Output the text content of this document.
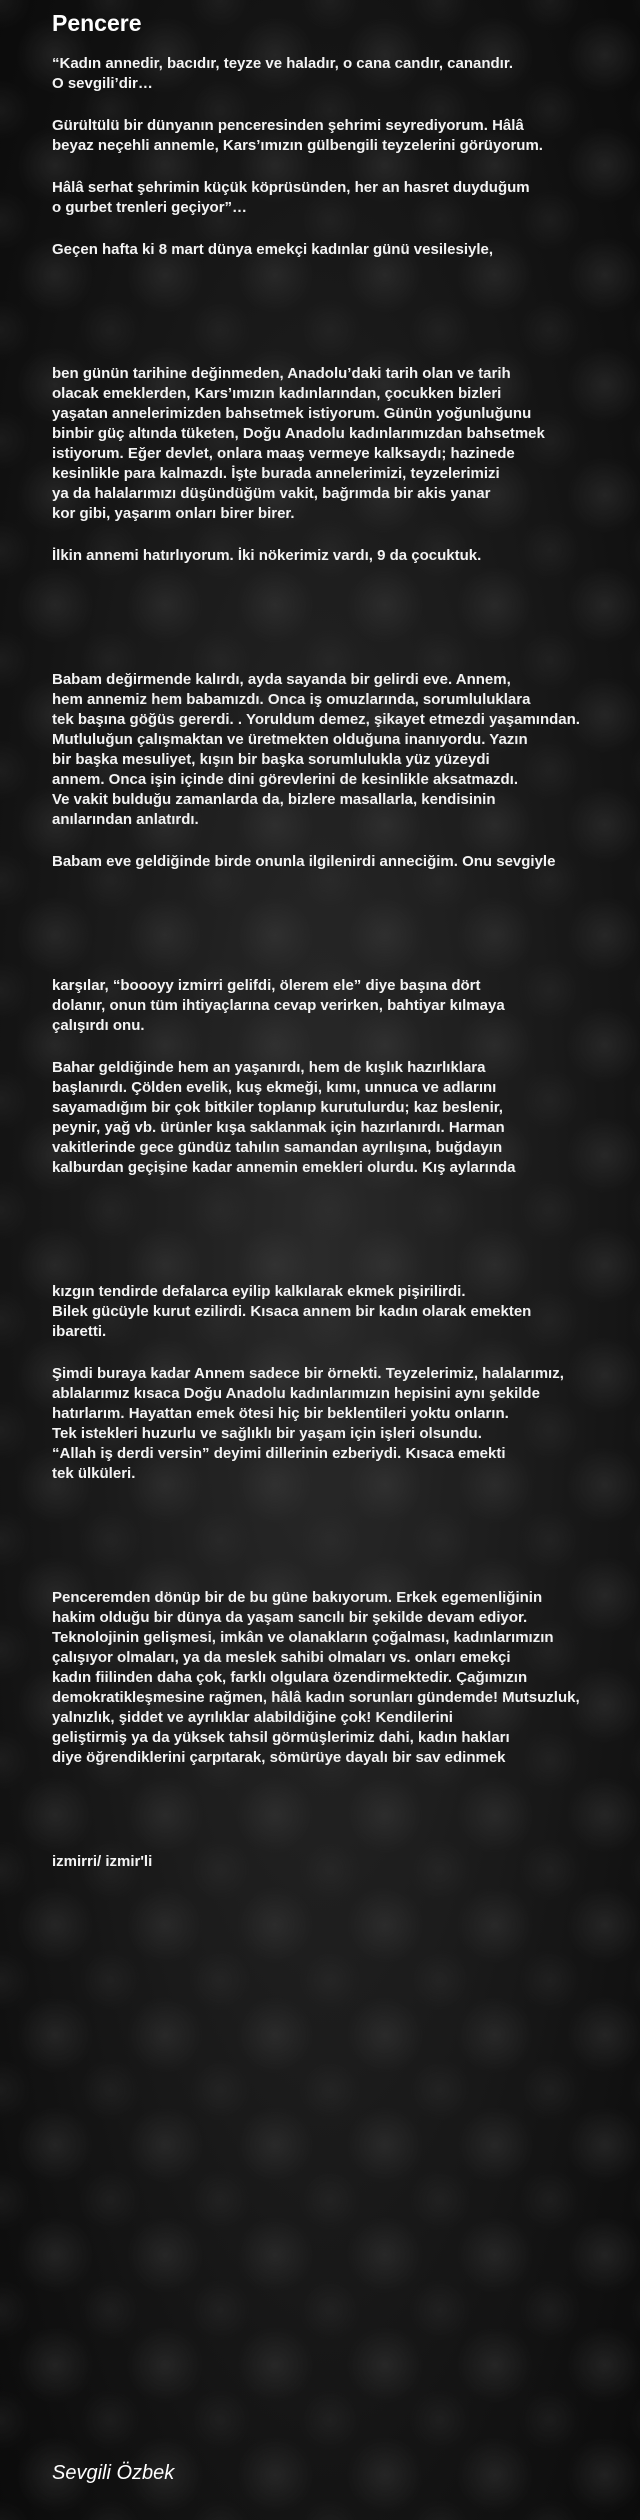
Pencere
“Kadın annedir, bacıdır, teyze ve haladır, o cana candır, canandır.
O sevgili’dir…
Gürültülü bir dünyanın penceresinden şehrimi seyrediyorum. Hâlâ
beyaz neçehli annemle, Kars’ımızın gülbengili teyzelerini görüyorum.
Hâlâ serhat şehrimin küçük köprüsünden, her an hasret duyduğum
o gurbet trenleri geçiyor”…
Geçen hafta ki 8 mart dünya emekçi kadınlar günü vesilesiyle,
ben günün tarihine değinmeden, Anadolu’daki tarih olan ve tarih
olacak emeklerden, Kars’ımızın kadınlarından, çocukken bizleri
yaşatan annelerimizden bahsetmek istiyorum. Günün yoğunluğunu
binbir güç altında tüketen, Doğu Anadolu kadınlarımızdan bahsetmek
istiyorum. Eğer devlet, onlara maaş vermeye kalksaydı; hazinede
kesinlikle para kalmazdı. İşte burada annelerimizi, teyzelerimizi
ya da halalarımızı düşündüğüm vakit, bağrımda bir akis yanar
kor gibi, yaşarım onları birer birer.
İlkin annemi hatırlıyorum. İki nökerimiz vardı, 9 da çocuktuk.
Babam değirmende kalırdı, ayda sayanda bir gelirdi eve. Annem,
hem annemiz hem babamızdı. Onca iş omuzlarında, sorumluluklara
tek başına göğüs gererdi. . Yoruldum demez, şikayet etmezdi yaşamından.
Mutluluğun çalışmaktan ve üretmekten olduğuna inanıyordu. Yazın
bir başka mesuliyet, kışın bir başka sorumlulukla yüz yüzeydi
annem. Onca işin içinde dini görevlerini de kesinlikle aksatmazdı.
Ve vakit bulduğu zamanlarda da, bizlere masallarla, kendisinin
anılarından anlatırdı.
Babam eve geldiğinde birde onunla ilgilenirdi anneciğim. Onu sevgiyle
karşılar, “boooyy izmirri gelifdi, ölerem ele” diye başına dört
dolanır, onun tüm ihtiyaçlarına cevap verirken, bahtiyar kılmaya
çalışırdı onu.
Bahar geldiğinde hem an yaşanırdı, hem de kışlık hazırlıklara
başlanırdı. Çölden evelik, kuş ekmeği, kımı, unnuca ve adlarını
sayamadığım bir çok bitkiler toplanıp kurutulurdu; kaz beslenir,
peynir, yağ vb. ürünler kışa saklanmak için hazırlanırdı. Harman
vakitlerinde gece gündüz tahılın samandan ayrılışına, buğdayın
kalburdan geçişine kadar annemin emekleri olurdu. Kış aylarında
kızgın tendirde defalarca eyilip kalkılarak ekmek pişirilirdi.
Bilek gücüyle kurut ezilirdi. Kısaca annem bir kadın olarak emekten
ibaretti.
Şimdi buraya kadar Annem sadece bir örnekti. Teyzelerimiz, halalarımız,
ablalarımız kısaca Doğu Anadolu kadınlarımızın hepisini aynı şekilde
hatırlarım. Hayattan emek ötesi hiç bir beklentileri yoktu onların.
Tek istekleri huzurlu ve sağlıklı bir yaşam için işleri olsundu.
“Allah iş derdi versin” deyimi dillerinin ezberiydi. Kısaca emekti
tek ülküleri.
Penceremden dönüp bir de bu güne bakıyorum. Erkek egemenliğinin
hakim olduğu bir dünya da yaşam sancılı bir şekilde devam ediyor.
Teknolojinin gelişmesi, imkân ve olanakların çoğalması, kadınlarımızın
çalışıyor olmaları, ya da meslek sahibi olmaları vs. onları emekçi
kadın fiilinden daha çok, farklı olgulara özendirmektedir. Çağımızın
demokratikleşmesine rağmen, hâlâ kadın sorunları gündemde! Mutsuzluk,
yalnızlık, şiddet ve ayrılıklar alabildiğine çok! Kendilerini
geliştirmiş ya da yüksek tahsil görmüşlerimiz dahi, kadın hakları
diye öğrendiklerini çarpıtarak, sömürüye dayalı bir sav edinmek
izmirri/ izmir'li
Sevgili Özbek
